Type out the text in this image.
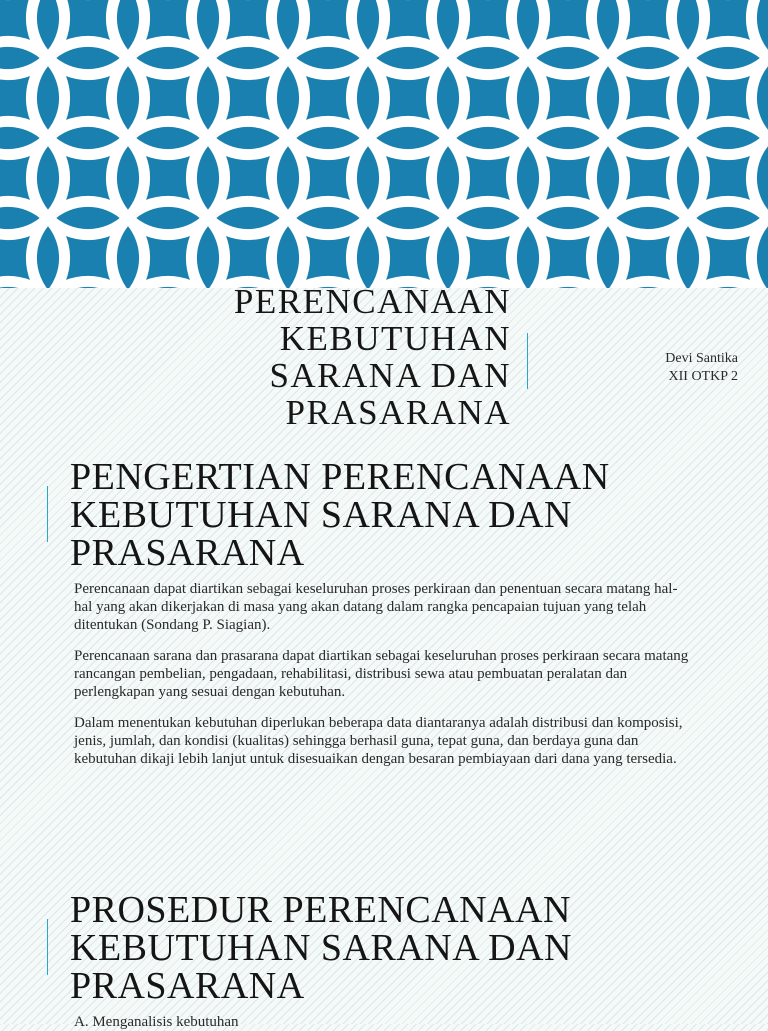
PERENCANAAN
KEBUTUHAN
SARANA DAN
PRASARANA
Devi Santika
XII OTKP 2
PENGERTIAN PERENCANAAN
KEBUTUHAN SARANA DAN
PRASARANA

Perencanaan dapat diartikan sebagai keseluruhan proses perkiraan dan penentuan secara matang hal-hal yang akan dikerjakan di masa yang akan datang dalam rangka pencapaian tujuan yang telah ditentukan (Sondang P. Siagian).

Perencanaan sarana dan prasarana dapat diartikan sebagai keseluruhan proses perkiraan secara matang rancangan pembelian, pengadaan, rehabilitasi, distribusi sewa atau pembuatan peralatan dan perlengkapan yang sesuai dengan kebutuhan.

Dalam menentukan kebutuhan diperlukan beberapa data diantaranya adalah distribusi dan komposisi, jenis, jumlah, dan kondisi (kualitas) sehingga berhasil guna, tepat guna, dan berdaya guna dan kebutuhan dikaji lebih lanjut untuk disesuaikan dengan besaran pembiayaan dari dana yang tersedia.

PROSEDUR PERENCANAAN
KEBUTUHAN SARANA DAN
PRASARANA
A. Menganalisis kebutuhan
